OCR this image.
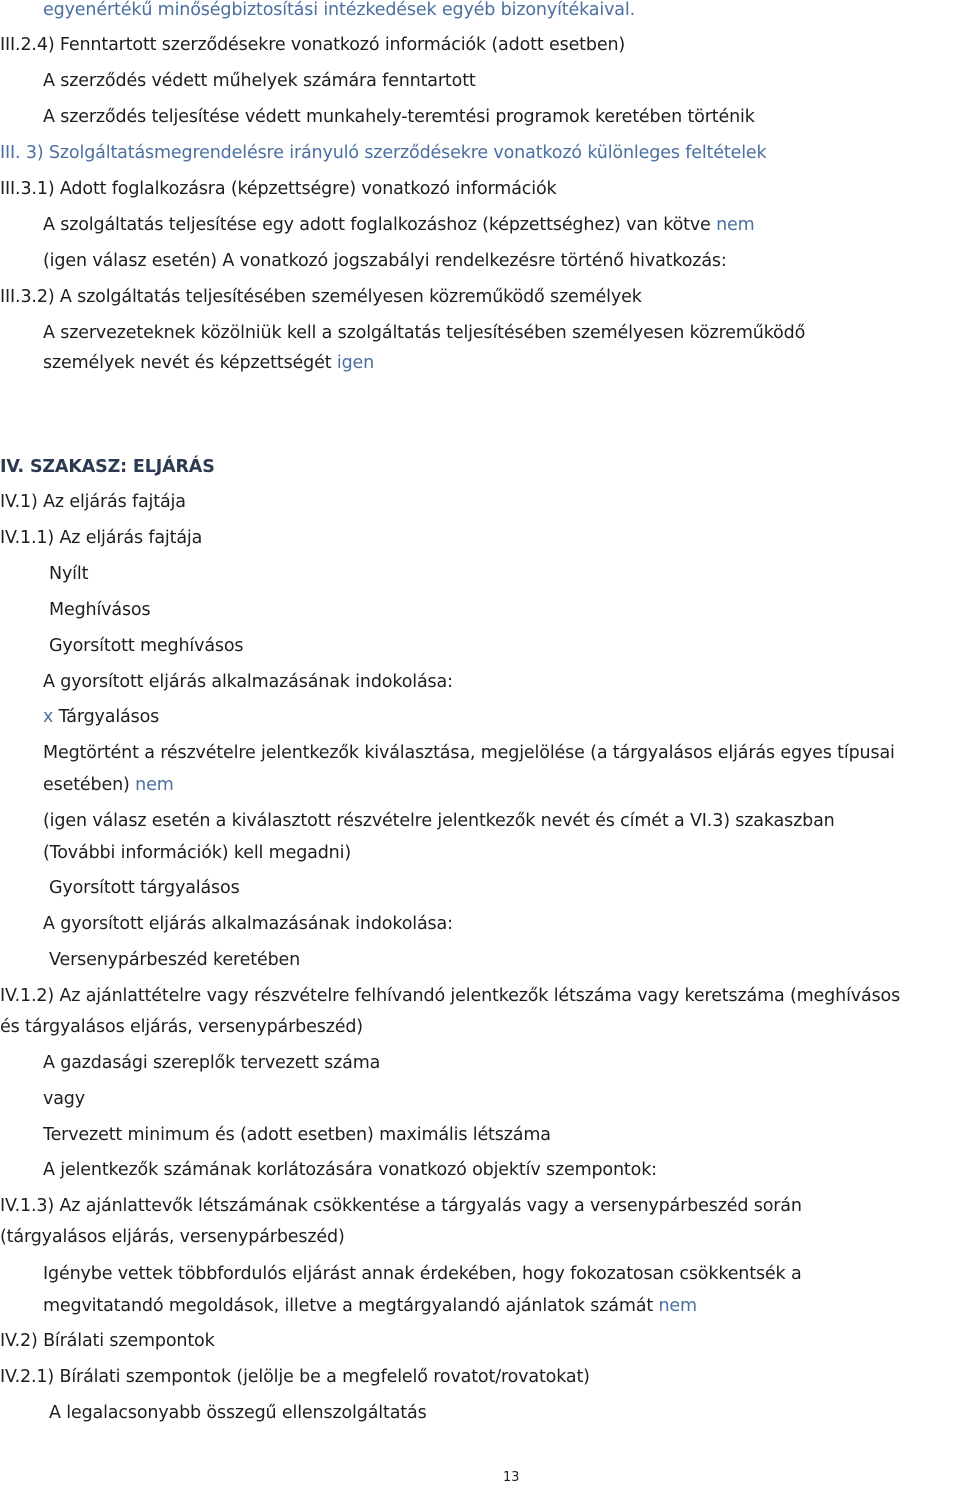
egyenértékű minőségbiztosítási intézkedések egyéb bizonyítékaival.
III.2.4) Fenntartott szerződésekre vonatkozó információk (adott esetben)
A szerződés védett műhelyek számára fenntartott
A szerződés teljesítése védett munkahely-teremtési programok keretében történik
III. 3) Szolgáltatásmegrendelésre irányuló szerződésekre vonatkozó különleges feltételek
III.3.1) Adott foglalkozásra (képzettségre) vonatkozó információk
A szolgáltatás teljesítése egy adott foglalkozáshoz (képzettséghez) van kötve nem
(igen válasz esetén) A vonatkozó jogszabályi rendelkezésre történő hivatkozás:
III.3.2) A szolgáltatás teljesítésében személyesen közreműködő személyek
A szervezeteknek közölniük kell a szolgáltatás teljesítésében személyesen közreműködő
személyek nevét és képzettségét igen
IV. SZAKASZ: ELJÁRÁS
IV.1) Az eljárás fajtája
IV.1.1) Az eljárás fajtája
Nyílt
Meghívásos
Gyorsított meghívásos
A gyorsított eljárás alkalmazásának indokolása:
x Tárgyalásos
Megtörtént a részvételre jelentkezők kiválasztása, megjelölése (a tárgyalásos eljárás egyes típusai
esetében) nem
(igen válasz esetén a kiválasztott részvételre jelentkezők nevét és címét a VI.3) szakaszban
(További információk) kell megadni)
Gyorsított tárgyalásos
A gyorsított eljárás alkalmazásának indokolása:
Versenypárbeszéd keretében
IV.1.2) Az ajánlattételre vagy részvételre felhívandó jelentkezők létszáma vagy keretszáma (meghívásos
és tárgyalásos eljárás, versenypárbeszéd)
A gazdasági szereplők tervezett száma
vagy
Tervezett minimum és (adott esetben) maximális létszáma
A jelentkezők számának korlátozására vonatkozó objektív szempontok:
IV.1.3) Az ajánlattevők létszámának csökkentése a tárgyalás vagy a versenypárbeszéd során
(tárgyalásos eljárás, versenypárbeszéd)
Igénybe vettek többfordulós eljárást annak érdekében, hogy fokozatosan csökkentsék a
megvitatandó megoldások, illetve a megtárgyalandó ajánlatok számát nem
IV.2) Bírálati szempontok
IV.2.1) Bírálati szempontok (jelölje be a megfelelő rovatot/rovatokat)
A legalacsonyabb összegű ellenszolgáltatás
13
